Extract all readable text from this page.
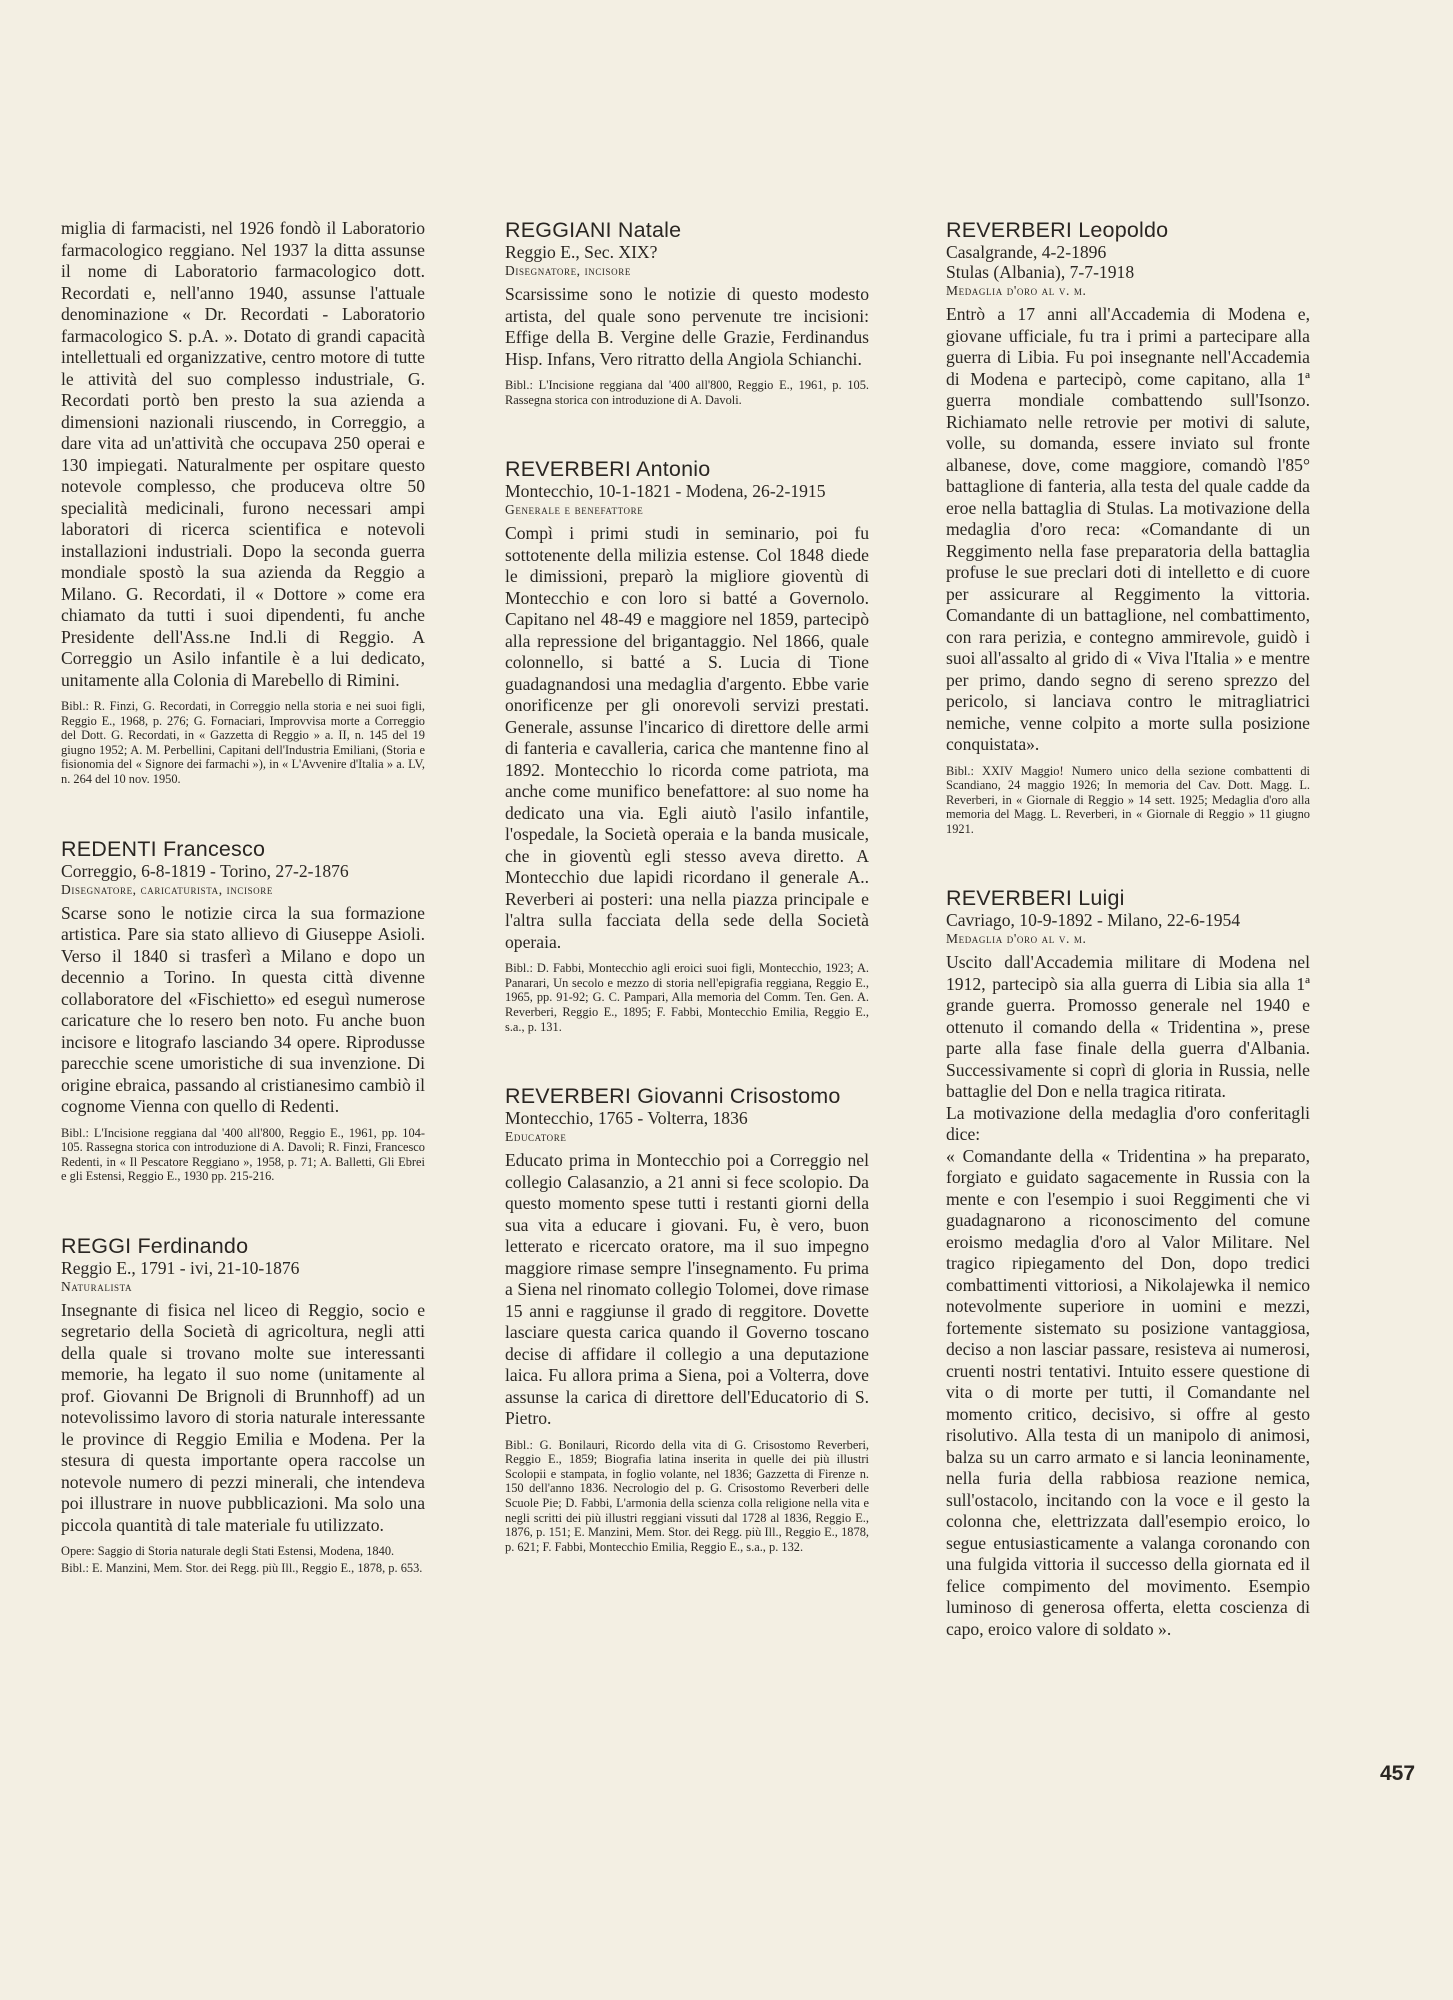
miglia di farmacisti, nel 1926 fondò il Laboratorio farmacologico reggiano. Nel 1937 la ditta assunse il nome di Laboratorio farmacologico dott. Recordati e, nell'anno 1940, assunse l'attuale denominazione « Dr. Recordati - Laboratorio farmacologico S. p.A. ». Dotato di grandi capacità intellettuali ed organizzative, centro motore di tutte le attività del suo complesso industriale, G. Recordati portò ben presto la sua azienda a dimensioni nazionali riuscendo, in Correggio, a dare vita ad un'attività che occupava 250 operai e 130 impiegati. Naturalmente per ospitare questo notevole complesso, che produceva oltre 50 specialità medicinali, furono necessari ampi laboratori di ricerca scientifica e notevoli installazioni industriali. Dopo la seconda guerra mondiale spostò la sua azienda da Reggio a Milano. G. Recordati, il « Dottore » come era chiamato da tutti i suoi dipendenti, fu anche Presidente dell'Ass.ne Ind.li di Reggio. A Correggio un Asilo infantile è a lui dedicato, unitamente alla Colonia di Marebello di Rimini.

Bibl.: R. Finzi, G. Recordati, in Correggio nella storia e nei suoi figli, Reggio E., 1968, p. 276; G. Fornaciari, Improvvisa morte a Correggio del Dott. G. Recordati, in « Gazzetta di Reggio » a. II, n. 145 del 19 giugno 1952; A. M. Perbellini, Capitani dell'Industria Emiliani, (Storia e fisionomia del « Signore dei farmachi »), in « L'Avvenire d'Italia » a. LV, n. 264 del 10 nov. 1950.

REDENTI Francesco

Correggio, 6-8-1819 - Torino, 27-2-1876

Disegnatore, caricaturista, incisore

Scarse sono le notizie circa la sua formazione artistica. Pare sia stato allievo di Giuseppe Asioli. Verso il 1840 si trasferì a Milano e dopo un decennio a Torino. In questa città divenne collaboratore del «Fischietto» ed eseguì numerose caricature che lo resero ben noto. Fu anche buon incisore e litografo lasciando 34 opere. Riprodusse parecchie scene umoristiche di sua invenzione. Di origine ebraica, passando al cristianesimo cambiò il cognome Vienna con quello di Redenti.

Bibl.: L'Incisione reggiana dal '400 all'800, Reggio E., 1961, pp. 104-105. Rassegna storica con introduzione di A. Davoli; R. Finzi, Francesco Redenti, in « Il Pescatore Reggiano », 1958, p. 71; A. Balletti, Gli Ebrei e gli Estensi, Reggio E., 1930 pp. 215-216.

REGGI Ferdinando

Reggio E., 1791 - ivi, 21-10-1876

Naturalista

Insegnante di fisica nel liceo di Reggio, socio e segretario della Società di agricoltura, negli atti della quale si trovano molte sue interessanti memorie, ha legato il suo nome (unitamente al prof. Giovanni De Brignoli di Brunnhoff) ad un notevolissimo lavoro di storia naturale interessante le province di Reggio Emilia e Modena. Per la stesura di questa importante opera raccolse un notevole numero di pezzi minerali, che intendeva poi illustrare in nuove pubblicazioni. Ma solo una piccola quantità di tale materiale fu utilizzato.

Opere: Saggio di Storia naturale degli Stati Estensi, Modena, 1840.

Bibl.: E. Manzini, Mem. Stor. dei Regg. più Ill., Reggio E., 1878, p. 653.

REGGIANI Natale

Reggio E., Sec. XIX?

Disegnatore, incisore

Scarsissime sono le notizie di questo modesto artista, del quale sono pervenute tre incisioni: Effige della B. Vergine delle Grazie, Ferdinandus Hisp. Infans, Vero ritratto della Angiola Schianchi.

Bibl.: L'Incisione reggiana dal '400 all'800, Reggio E., 1961, p. 105. Rassegna storica con introduzione di A. Davoli.

REVERBERI Antonio

Montecchio, 10-1-1821 - Modena, 26-2-1915

Generale e benefattore

Compì i primi studi in seminario, poi fu sottotenente della milizia estense. Col 1848 diede le dimissioni, preparò la migliore gioventù di Montecchio e con loro si batté a Governolo. Capitano nel 48-49 e maggiore nel 1859, partecipò alla repressione del brigantaggio. Nel 1866, quale colonnello, si batté a S. Lucia di Tione guadagnandosi una medaglia d'argento. Ebbe varie onorificenze per gli onorevoli servizi prestati. Generale, assunse l'incarico di direttore delle armi di fanteria e cavalleria, carica che mantenne fino al 1892. Montecchio lo ricorda come patriota, ma anche come munifico benefattore: al suo nome ha dedicato una via. Egli aiutò l'asilo infantile, l'ospedale, la Società operaia e la banda musicale, che in gioventù egli stesso aveva diretto. A Montecchio due lapidi ricordano il generale A.. Reverberi ai posteri: una nella piazza principale e l'altra sulla facciata della sede della Società operaia.

Bibl.: D. Fabbi, Montecchio agli eroici suoi figli, Montecchio, 1923; A. Panarari, Un secolo e mezzo di storia nell'epigrafia reggiana, Reggio E., 1965, pp. 91-92; G. C. Pampari, Alla memoria del Comm. Ten. Gen. A. Reverberi, Reggio E., 1895; F. Fabbi, Montecchio Emilia, Reggio E., s.a., p. 131.

REVERBERI Giovanni Crisostomo

Montecchio, 1765 - Volterra, 1836

Educatore

Educato prima in Montecchio poi a Correggio nel collegio Calasanzio, a 21 anni si fece scolopio. Da questo momento spese tutti i restanti giorni della sua vita a educare i giovani. Fu, è vero, buon letterato e ricercato oratore, ma il suo impegno maggiore rimase sempre l'insegnamento. Fu prima a Siena nel rinomato collegio Tolomei, dove rimase 15 anni e raggiunse il grado di reggitore. Dovette lasciare questa carica quando il Governo toscano decise di affidare il collegio a una deputazione laica. Fu allora prima a Siena, poi a Volterra, dove assunse la carica di direttore dell'Educatorio di S. Pietro.

Bibl.: G. Bonilauri, Ricordo della vita di G. Crisostomo Reverberi, Reggio E., 1859; Biografia latina inserita in quelle dei più illustri Scolopii e stampata, in foglio volante, nel 1836; Gazzetta di Firenze n. 150 dell'anno 1836. Necrologio del p. G. Crisostomo Reverberi delle Scuole Pie; D. Fabbi, L'armonia della scienza colla religione nella vita e negli scritti dei più illustri reggiani vissuti dal 1728 al 1836, Reggio E., 1876, p. 151; E. Manzini, Mem. Stor. dei Regg. più Ill., Reggio E., 1878, p. 621; F. Fabbi, Montecchio Emilia, Reggio E., s.a., p. 132.

REVERBERI Leopoldo

Casalgrande, 4-2-1896

Stulas (Albania), 7-7-1918

Medaglia d'oro al v. m.

Entrò a 17 anni all'Accademia di Modena e, giovane ufficiale, fu tra i primi a partecipare alla guerra di Libia. Fu poi insegnante nell'Accademia di Modena e partecipò, come capitano, alla 1ª guerra mondiale combattendo sull'Isonzo. Richiamato nelle retrovie per motivi di salute, volle, su domanda, essere inviato sul fronte albanese, dove, come maggiore, comandò l'85° battaglione di fanteria, alla testa del quale cadde da eroe nella battaglia di Stulas. La motivazione della medaglia d'oro reca: «Comandante di un Reggimento nella fase preparatoria della battaglia profuse le sue preclari doti di intelletto e di cuore per assicurare al Reggimento la vittoria. Comandante di un battaglione, nel combattimento, con rara perizia, e contegno ammirevole, guidò i suoi all'assalto al grido di « Viva l'Italia » e mentre per primo, dando segno di sereno sprezzo del pericolo, si lanciava contro le mitragliatrici nemiche, venne colpito a morte sulla posizione conquistata».

Bibl.: XXIV Maggio! Numero unico della sezione combattenti di Scandiano, 24 maggio 1926; In memoria del Cav. Dott. Magg. L. Reverberi, in « Giornale di Reggio » 14 sett. 1925; Medaglia d'oro alla memoria del Magg. L. Reverberi, in « Giornale di Reggio » 11 giugno 1921.

REVERBERI Luigi

Cavriago, 10-9-1892 - Milano, 22-6-1954

Medaglia d'oro al v. m.

Uscito dall'Accademia militare di Modena nel 1912, partecipò sia alla guerra di Libia sia alla 1ª grande guerra. Promosso generale nel 1940 e ottenuto il comando della « Tridentina », prese parte alla fase finale della guerra d'Albania. Successivamente si coprì di gloria in Russia, nelle battaglie del Don e nella tragica ritirata.

La motivazione della medaglia d'oro conferitagli dice:

« Comandante della « Tridentina » ha preparato, forgiato e guidato sagacemente in Russia con la mente e con l'esempio i suoi Reggimenti che vi guadagnarono a riconoscimento del comune eroismo medaglia d'oro al Valor Militare. Nel tragico ripiegamento del Don, dopo tredici combattimenti vittoriosi, a Nikolajewka il nemico notevolmente superiore in uomini e mezzi, fortemente sistemato su posizione vantaggiosa, deciso a non lasciar passare, resisteva ai numerosi, cruenti nostri tentativi. Intuito essere questione di vita o di morte per tutti, il Comandante nel momento critico, decisivo, si offre al gesto risolutivo. Alla testa di un manipolo di animosi, balza su un carro armato e si lancia leoninamente, nella furia della rabbiosa reazione nemica, sull'ostacolo, incitando con la voce e il gesto la colonna che, elettrizzata dall'esempio eroico, lo segue entusiasticamente a valanga coronando con una fulgida vittoria il successo della giornata ed il felice compimento del movimento. Esempio luminoso di generosa offerta, eletta coscienza di capo, eroico valore di soldato ».

457
